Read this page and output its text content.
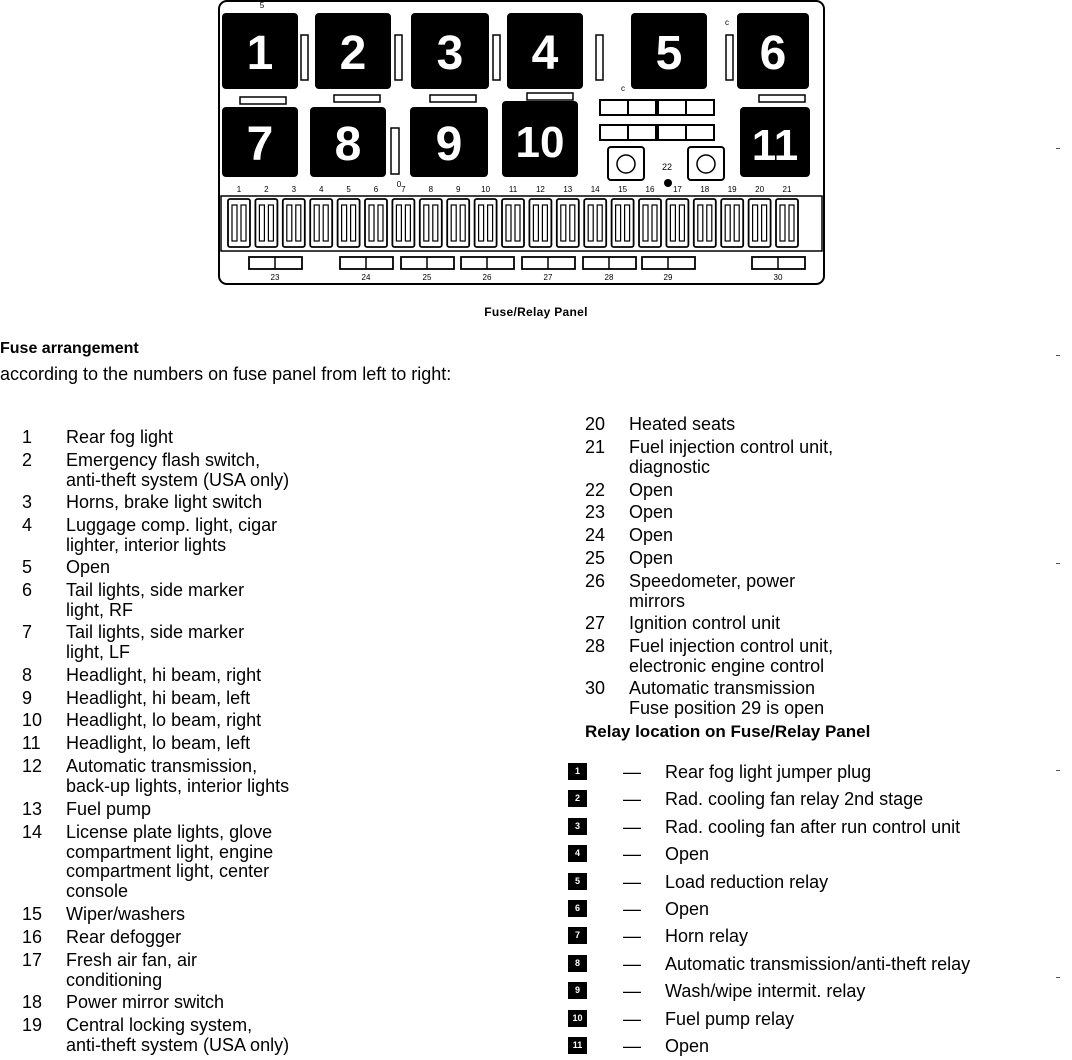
1 2 3 4 5 6
7 8 9 10	11
1	2	3	4	5	6	7	8	9	10 11 12 13 14 15 16 17 18 19 20 21
23	24	25	26	27	28	29	30
5
c
c
22
0
Fuse/Relay Panel
Fuse arrangement
according to the numbers on fuse panel from left to right:
1	Rear fog light
2	Emergency flash switch,
anti-theft system (USA only)
3	Horns, brake light switch
4	Luggage comp. light, cigar
lighter, interior lights
5	Open
6	Tail lights, side marker
light, RF
7	Tail lights, side marker
light, LF
8	Headlight, hi beam, right
9	Headlight, hi beam, left
10	Headlight, lo beam, right
11	Headlight, lo beam, left
12	Automatic transmission,
back-up lights, interior lights
13	Fuel pump
14	License plate lights, glove
compartment light, engine
compartment light, center
console
15	Wiper/washers
16	Rear defogger
17	Fresh air fan, air
conditioning
18	Power mirror switch
19	Central locking system,
anti-theft system (USA only)
20	Heated seats
21	Fuel injection control unit,
diagnostic
22	Open
23	Open
24	Open
25	Open
26	Speedometer, power
mirrors
27	Ignition control unit
28	Fuel injection control unit,
electronic engine control
30	Automatic transmission
Fuse position 29 is open
Relay location on Fuse/Relay Panel
1	— Rear fog light jumper plug
2	— Rad. cooling fan relay 2nd stage
3	— Rad. cooling fan after run control unit
4	— Open
5	— Load reduction relay
6	— Open
7	— Horn relay
8	— Automatic transmission/anti-theft relay
9	— Wash/wipe intermit. relay
10 — Fuel pump relay
11 — Open
